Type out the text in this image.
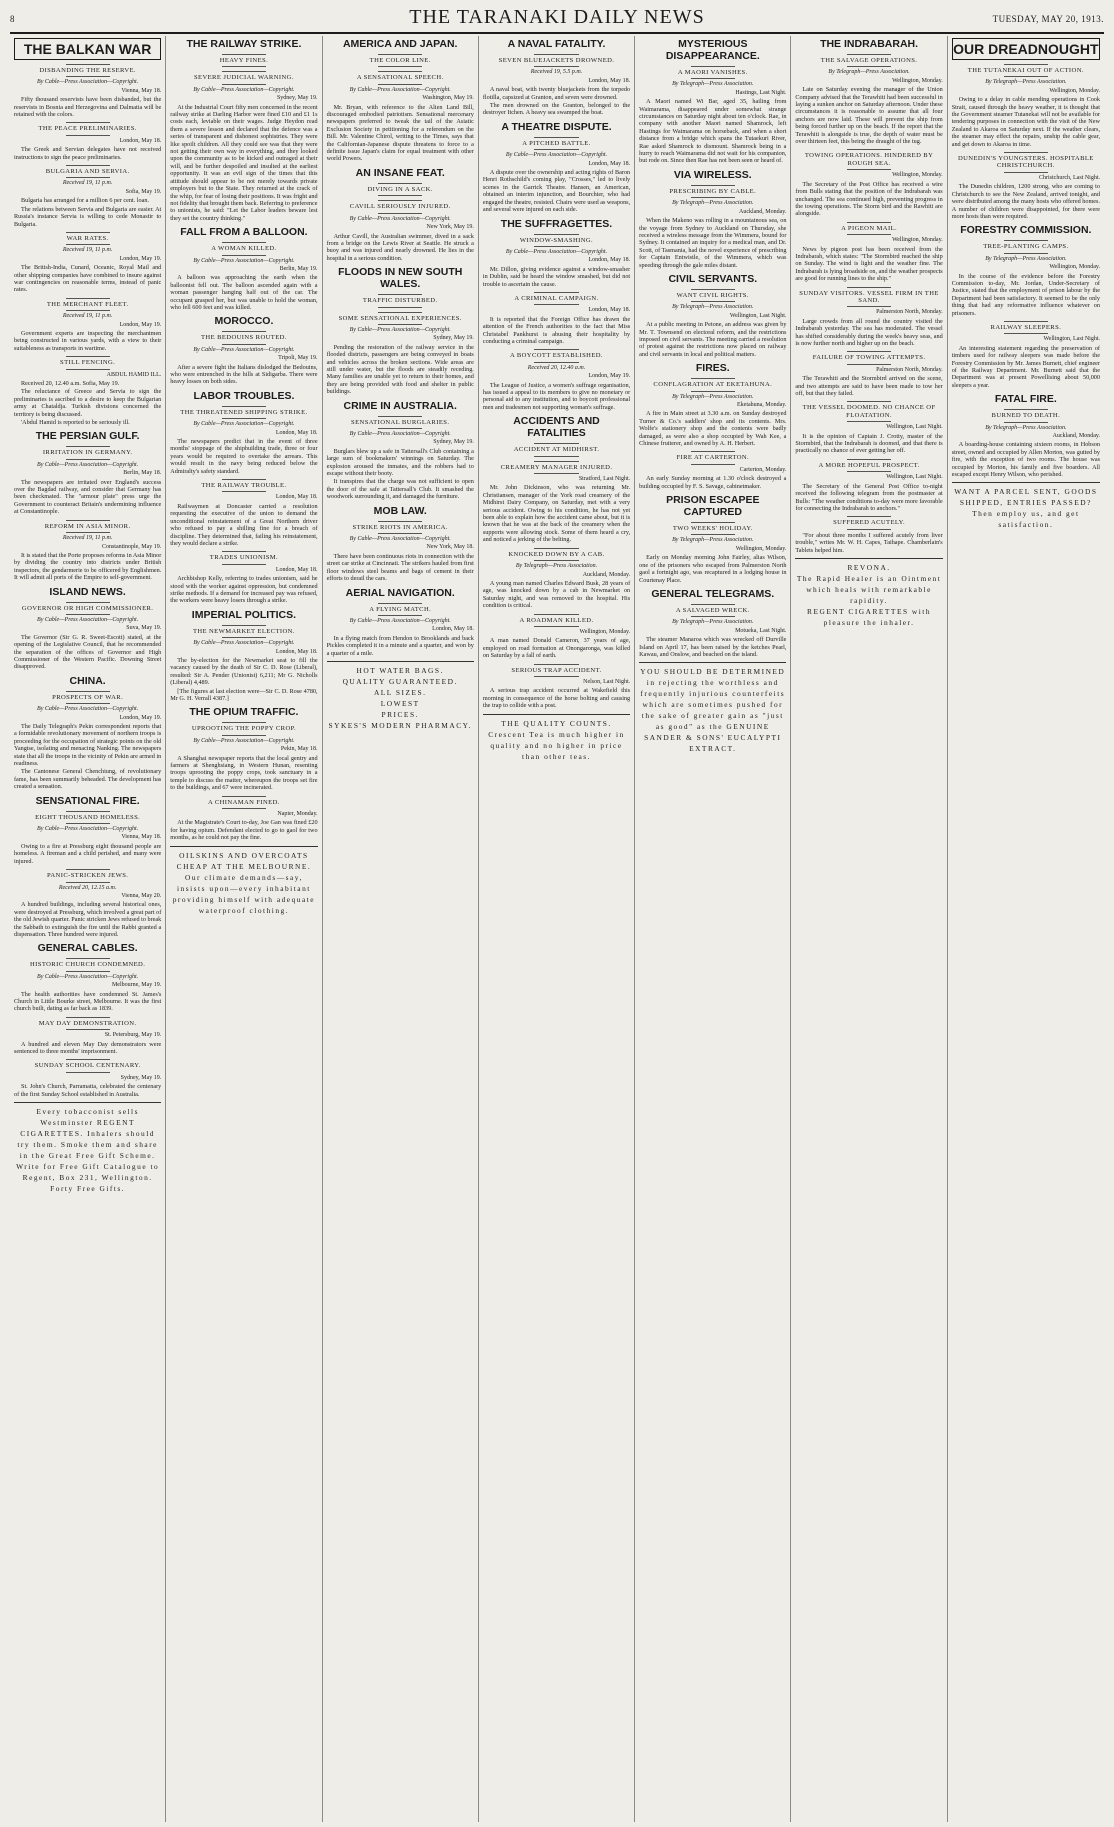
8	THE TARANAKI DAILY NEWS	TUESDAY, MAY 20, 1913.
THE BALKAN WAR
DISBANDING THE RESERVE.
By Cable—Press Association—Copyright.
Vienna, May 18.

Fifty thousand reservists have been disbanded, but the reservists in Bosnia and Herzegovina and Dalmatia will be retained with the colors.

THE PEACE PRELIMINARIES.
London, May 18.

The Greek and Servian delegates have not received instructions to sign the peace preliminaries.

BULGARIA AND SERVIA.
Received 19, 11 p.m.
Sofia, May 19.

Bulgaria has arranged for a million 6 per cent. loan.

The relations between Servia and Bulgaria are easier. At Russia's instance Servia is willing to cede Monastir to Bulgaria.

WAR RATES.
Received 19, 11 p.m.
London, May 19.

The British-India, Cunard, Oceanic, Royal Mail and other shipping companies have combined to insure against war contingencies on reasonable terms, instead of panic rates.

THE MERCHANT FLEET.
Received 19, 11 p.m.
London, May 19.

Government experts are inspecting the merchantmen being constructed in various yards, with a view to their suitableness as transports in wartime.

STILL FENCING.
ABDUL HAMID ILL.

Received 20, 12.40 a.m. Sofia, May 19.

The reluctance of Greece and Servia to sign the preliminaries is ascribed to a desire to keep the Bulgarian army at Chataldja. Turkish divisions concerned the territory is being discussed.

'Abdul Hamid is reported to be seriously ill.

THE PERSIAN GULF.
IRRITATION IN GERMANY.
By Cable—Press Association—Copyright.
Berlin, May 18.

The newspapers are irritated over England's success over the Bagdad railway, and consider that Germany has been checkmated. The "armour plate" press urge the Government to counteract Britain's undermining influence at Constantinople.

REFORM IN ASIA MINOR.
Received 19, 11 p.m.
Constantinople, May 19.

It is stated that the Porte proposes reforms in Asia Minor by dividing the country into districts under British inspectors, the gendarmerie to be officered by Englishmen. It will admit all ports of the Empire to self-government.

ISLAND NEWS.
GOVERNOR OR HIGH COMMISSIONER.
By Cable—Press Association—Copyright.
Suva, May 19.

The Governor (Sir G. R. Sweet-Escott) stated, at the opening of the Legislative Council, that he recommended the separation of the offices of Governor and High Commissioner of the Western Pacific. Downing Street disapproved.

CHINA.
PROSPECTS OF WAR.
By Cable—Press Association—Copyright.
London, May 19.

The Daily Telegraph's Pekin correspondent reports that a formidable revolutionary movement of northern troops is proceeding for the occupation of strategic points on the old Yangtse, isolating and menacing Nanking. The newspapers state that all the troops in the vicinity of Pekin are armed in readiness.

The Cantonese General Chenchiung, of revolutionary fame, has been summarily beheaded. The development has created a sensation.

SENSATIONAL FIRE.
EIGHT THOUSAND HOMELESS.
By Cable—Press Association—Copyright.
Vienna, May 18.

Owing to a fire at Pressburg eight thousand people are homeless. A fireman and a child perished, and many were injured.

PANIC-STRICKEN JEWS.
Received 20, 12.15 a.m.
Vienna, May 20.

A hundred buildings, including several historical ones, were destroyed at Pressburg, which involved a great part of the old Jewish quarter. Panic stricken Jews refused to break the Sabbath to extinguish the fire until the Rabbi granted a dispensation. Three hundred were injured.

GENERAL CABLES.
HISTORIC CHURCH CONDEMNED.
By Cable—Press Association—Copyright.
Melbourne, May 19.

The health authorities have condemned St. James's Church in Little Bourke street, Melbourne. It was the first church built, dating as far back as 1839.

MAY DAY DEMONSTRATION.
St. Petersburg, May 19.

A hundred and eleven May Day demonstrators were sentenced to three months' imprisonment.

SUNDAY SCHOOL CENTENARY.
Sydney, May 19.

St. John's Church, Parramatta, celebrated the centenary of the first Sunday School established in Australia.

Every tobacconist sells Westminster REGENT CIGARETTES. Inhalers should try them. Smoke them and share in the Great Free Gift Scheme. Write for Free Gift Catalogue to Regent, Box 231, Wellington. Forty Free Gifts.

THE RAILWAY STRIKE.
HEAVY FINES.
SEVERE JUDICIAL WARNING.
By Cable—Press Association—Copyright.
Sydney, May 19.

At the Industrial Court fifty men concerned in the recent railway strike at Darling Harbor were fined £10 and £1 1s costs each, leviable on their wages. Judge Heydon read them a severe lesson and declared that the defence was a series of transparent and dishonest sophistries. They were like spoilt children. All they could see was that they were not getting their own way in everything, and they looked upon the community as to be kicked and outraged at their will, and be further despoiled and insulted at the earliest opportunity. It was an evil sign of the times that this attitude should appear to be not merely towards private employers but to the State. They returned at the crack of the whip, for fear of losing their positions. It was fright and not fidelity that brought them back. Referring to preference to unionists, he said: "Let the Labor leaders beware lest they set the country thinking."

FALL FROM A BALLOON.
A WOMAN KILLED.
By Cable—Press Association—Copyright.
Berlin, May 19.

A balloon was approaching the earth when the balloonist fell out. The balloon ascended again with a woman passenger hanging half out of the car. The occupant grasped her, but was unable to hold the woman, who fell 600 feet and was killed.

MOROCCO.
THE BEDOUINS ROUTED.
By Cable—Press Association—Copyright.
Tripoli, May 19.

After a severe fight the Italians dislodged the Bedouins, who were entrenched in the hills at Sidigarba. There were heavy losses on both sides.

LABOR TROUBLES.
THE THREATENED SHIPPING STRIKE.
By Cable—Press Association—Copyright.
London, May 18.

The newspapers predict that in the event of three months' stoppage of the shipbuilding trade, three or four years would be required to overtake the arrears. This would result in the navy being reduced below the Admiralty's safety standard.

THE RAILWAY TROUBLE.
London, May 18.

Railwaymen at Doncaster carried a resolution requesting the executive of the union to demand the unconditional reinstatement of a Great Northern driver who refused to pay a shilling fine for a breach of discipline. They determined that, failing his reinstatement, they would declare a strike.

TRADES UNIONISM.
London, May 18.

Archbishop Kelly, referring to trades unionism, said he stood with the worker against oppression, but condemned strike methods. If a demand for increased pay was refused, the workers were heavy losers through a strike.

IMPERIAL POLITICS.
THE NEWMARKET ELECTION.
By Cable—Press Association—Copyright.
London, May 18.

The by-election for the Newmarket seat to fill the vacancy caused by the death of Sir C. D. Rose (Liberal), resulted: Sir A. Pender (Unionist) 6,211; Mr G. Nicholls (Liberal) 4,489.

[The figures at last election were—Sir C. D. Rose 4780, Mr G. H. Verrall 4387.]

THE OPIUM TRAFFIC.
UPROOTING THE POPPY CROP.
By Cable—Press Association—Copyright.
Pekin, May 18.

A Shanghai newspaper reports that the local gentry and farmers at Shenghsiang, in Western Hunan, resenting troops uprooting the poppy crops, took sanctuary in a temple to discuss the matter, whereupon the troops set fire to the buildings, and 67 were incinerated.

A CHINAMAN FINED.
Napier, Monday.

At the Magistrate's Court to-day, Joe Gan was fined £20 for having opium. Defendant elected to go to gaol for two months, as he could not pay the fine.

OILSKINS AND OVERCOATS CHEAP AT THE MELBOURNE.

Our climate demands—say, insists upon—every inhabitant providing himself with adequate waterproof clothing.

AMERICA AND JAPAN.
THE COLOR LINE.
A SENSATIONAL SPEECH.
By Cable—Press Association—Copyright.
Washington, May 19.

Mr. Bryan, with reference to the Alien Land Bill, discouraged embodied patriotism. Sensational mercenary newspapers preferred to tweak the tail of the Asiatic Exclusion Society in petitioning for a referendum on the Bill. Mr. Valentine Chirol, writing to the Times, says that the Californian-Japanese dispute threatens to force to a definite issue Japan's claim for equal treatment with other world Powers.

AN INSANE FEAT.
DIVING IN A SACK.
CAVILL SERIOUSLY INJURED.
By Cable—Press Association—Copyright.
New York, May 19.

Arthur Cavill, the Australian swimmer, dived in a sack from a bridge on the Lewis River at Seattle. He struck a buoy and was injured and nearly drowned. He lies in the hospital in a serious condition.

FLOODS IN NEW SOUTH WALES.
TRAFFIC DISTURBED.
SOME SENSATIONAL EXPERIENCES.
By Cable—Press Association—Copyright.
Sydney, May 19.

Pending the restoration of the railway service in the flooded districts, passengers are being conveyed in boats and vehicles across the broken sections. Wide areas are still under water, but the floods are steadily receding. Many families are unable yet to return to their homes, and they are being provided with food and shelter in public buildings.

CRIME IN AUSTRALIA.
SENSATIONAL BURGLARIES.
By Cable—Press Association—Copyright.
Sydney, May 19.

Burglars blew up a safe in Tattersall's Club containing a large sum of bookmakers' winnings on Saturday. The explosion aroused the inmates, and the robbers had to escape without their booty.

It transpires that the charge was not sufficient to open the door of the safe at Tattersall's Club. It smashed the woodwork surrounding it, and damaged the furniture.

MOB LAW.
STRIKE RIOTS IN AMERICA.
By Cable—Press Association—Copyright.
New York, May 18.

There have been continuous riots in connection with the street car strike at Cincinnati. The strikers hauled from first floor windows steel beams and bags of cement in their efforts to derail the cars.

AERIAL NAVIGATION.
A FLYING MATCH.
By Cable—Press Association—Copyright.
London, May 18.

In a flying match from Hendon to Brooklands and back Pickles completed it in a minute and a quarter, and won by a quarter of a mile.

HOT WATER BAGS.

QUALITY GUARANTEED.

ALL SIZES.

LOWEST

PRICES.

SYKES'S MODERN PHARMACY.

A NAVAL FATALITY.
SEVEN BLUEJACKETS DROWNED.
Received 19, 5.5 p.m.
London, May 18.

A naval boat, with twenty bluejackets from the torpedo flotilla, capsized at Granton, and seven were drowned.

The men drowned on the Granton, belonged to the destroyer Itchen. A heavy sea swamped the boat.

A THEATRE DISPUTE.
A PITCHED BATTLE.
By Cable—Press Association—Copyright.
London, May 18.

A dispute over the ownership and acting rights of Baron Henri Rothschild's coming play, "Crosses," led to lively scenes in the Garrick Theatre. Hansen, an American, obtained an interim injunction, and Bourchier, who had engaged the theatre, resisted. Chairs were used as weapons, and several were injured on each side.

THE SUFFRAGETTES.
WINDOW-SMASHING.
By Cable—Press Association—Copyright.
London, May 18.

Mr. Dillon, giving evidence against a window-smasher in Dublin, said he heard the window smashed, but did not trouble to ascertain the cause.

A CRIMINAL CAMPAIGN.
London, May 18.

It is reported that the Foreign Office has drawn the attention of the French authorities to the fact that Miss Christabel Pankhurst is abusing their hospitality by conducting a criminal campaign.

A BOYCOTT ESTABLISHED.
Received 20, 12.40 a.m.
London, May 19.

The League of Justice, a women's suffrage organisation, has issued a appeal to its members to give no monetary or personal aid to any institution, and to boycott professional men and tradesmen not supporting woman's suffrage.

ACCIDENTS AND FATALITIES
ACCIDENT AT MIDHIRST.
CREAMERY MANAGER INJURED.
Stratford, Last Night.

Mr. John Dickinson, who was returning Mr. Christiansen, manager of the York road creamery of the Midhirst Dairy Company, on Saturday, met with a very serious accident. Owing to his condition, he has not yet been able to explain how the accident came about, but it is known that he was at the back of the creamery when the supports were allowing stock. Some of them heard a cry, and noticed a jerking of the belting.

KNOCKED DOWN BY A CAB.
By Telegraph—Press Association.
Auckland, Monday.

A young man named Charles Edward Busk, 28 years of age, was knocked down by a cab in Newmarket on Saturday night, and was removed to the hospital. His condition is critical.

A ROADMAN KILLED.
Wellington, Monday.

A man named Donald Cameron, 37 years of age, employed on road formation at Onongaronga, was killed on Saturday by a fall of earth.

SERIOUS TRAP ACCIDENT.
Nelson, Last Night.

A serious trap accident occurred at Wakefield this morning in consequence of the horse bolting and causing the trap to collide with a post.

THE QUALITY COUNTS.

Crescent Tea is much higher in quality and no higher in price than other teas.

MYSTERIOUS DISAPPEARANCE.
A MAORI VANISHES.
By Telegraph—Press Association.
Hastings, Last Night.

A Maori named Wi Bar, aged 35, hailing from Waimarama, disappeared under somewhat strange circumstances on Saturday night about ten o'clock. Rae, in company with another Maori named Shamrock, left Hastings for Waimarama on horseback, and when a short distance from a bridge which spans the Tutaekuri River, Rae asked Shamrock to dismount. Shamrock being in a hurry to reach Waimarama did not wait for his companion, but rode on. Since then Rae has not been seen or heard of.

VIA WIRELESS.
PRESCRIBING BY CABLE.
By Telegraph—Press Association.
Auckland, Monday.

When the Makeno was rolling in a mountainous sea, on the voyage from Sydney to Auckland on Thursday, she received a wireless message from the Wimmera, bound for Sydney. It contained an inquiry for a medical man, and Dr. Scott, of Tasmania, had the novel experience of prescribing for Captain Entwistle, of the Wimmera, which was speeding through the gale miles distant.

CIVIL SERVANTS.
WANT CIVIL RIGHTS.
By Telegraph—Press Association.
Wellington, Last Night.

At a public meeting in Petone, an address was given by Mr. T. Townsend on electoral reform, and the restrictions imposed on civil servants. The meeting carried a resolution of protest against the restrictions now placed on railway and civil servants in local and political matters.

FIRES.
CONFLAGRATION AT EKETAHUNA.
By Telegraph—Press Association.
Eketahuna, Monday.

A fire in Main street at 3.30 a.m. on Sunday destroyed Turner & Co.'s saddlers' shop and its contents. Mrs. Wolfe's stationery shop and the contents were badly damaged, as were also a shop occupied by Wah Kee, a Chinese fruiterer, and owned by A. H. Herbert.

FIRE AT CARTERTON.
Carterton, Monday.

An early Sunday morning at 1.30 o'clock destroyed a building occupied by F. S. Savage, cabinetmaker.

PRISON ESCAPEE CAPTURED
TWO WEEKS' HOLIDAY.
By Telegraph—Press Association.
Wellington, Monday.

Early on Monday morning John Fairley, alias Wilson, one of the prisoners who escaped from Palmerston North gaol a fortnight ago, was recaptured in a lodging house in Courtenay Place.

GENERAL TELEGRAMS.
A SALVAGED WRECK.
By Telegraph—Press Association.
Motueka, Last Night.

The steamer Manaroa which was wrecked off Durville Island on April 17, has been raised by the ketches Pearl, Kawau, and Onslow, and beached on the island.

YOU SHOULD BE DETERMINED

in rejecting the worthless and frequently injurious counterfeits which are sometimes pushed for the sake of greater gain as "just as good" as the GENUINE SANDER & SONS' EUCALYPTI EXTRACT.

THE INDRABARAH.
THE SALVAGE OPERATIONS.
By Telegraph—Press Association.
Wellington, Monday.

Late on Saturday evening the manager of the Union Company advised that the Terawhiti had been successful in laying a sunken anchor on Saturday afternoon. Under these circumstances it is reasonable to assume that all four anchors are now laid. These will prevent the ship from being forced further up on the beach. If the report that the Terawhiti is alongside is true, the depth of water must be over thirteen feet, this being the draught of the tug.

TOWING OPERATIONS. HINDERED BY ROUGH SEA.
Wellington, Monday.

The Secretary of the Post Office has received a wire from Bulls stating that the position of the Indrabarah was unchanged. The sea continued high, preventing progress in the towing operations. The Storm bird and the Rawhiti are alongside.

A PIGEON MAIL.
Wellington, Monday.

News by pigeon post has been received from the Indrabarah, which states: "The Stormbird reached the ship on Sunday. The wind is light and the weather fine. The Indrabarah is lying broadside on, and the weather prospects are good for running lines to the ship."

SUNDAY VISITORS. VESSEL FIRM IN THE SAND.
Palmerston North, Monday.

Large crowds from all round the country visited the Indrabarah yesterday. The sea has moderated. The vessel has shifted considerably during the week's heavy seas, and is now further north and higher up on the beach.

FAILURE OF TOWING ATTEMPTS.
Palmerston North, Monday.

The Terawhiti and the Stormbird arrived on the scene, and two attempts are said to have been made to tow her off, but that they failed.

THE VESSEL DOOMED. NO CHANCE OF FLOATATION.
Wellington, Last Night.

It is the opinion of Captain J. Crotty, master of the Stormbird, that the Indrabarah is doomed, and that there is practically no chance of ever getting her off.

A MORE HOPEFUL PROSPECT.
Wellington, Last Night.

The Secretary of the General Post Office to-night received the following telegram from the postmaster at Bulls: "The weather conditions to-day were more favorable for connecting the Indrabarah to anchors."

SUFFERED ACUTELY.

"For about three months I suffered acutely from liver trouble," writes Mr. W. H. Capes, Taihape. Chamberlain's Tablets helped him.

REVONA.

The Rapid Healer is an Ointment which heals with remarkable rapidity.

REGENT CIGARETTES with pleasure the inhaler.

OUR DREADNOUGHT
THE TUTANEKAI OUT OF ACTION.
By Telegraph—Press Association.
Wellington, Monday.

Owing to a delay in cable mending operations in Cook Strait, caused through the heavy weather, it is thought that the Government steamer Tutanekai will not be available for tendering purposes in connection with the visit of the New Zealand to Akaroa on Saturday next. If the weather clears, the steamer may effect the repairs, unship the cable gear, and get down to Akaroa in time.

DUNEDIN'S YOUNGSTERS. HOSPITABLE CHRISTCHURCH.
Christchurch, Last Night.

The Dunedin children, 1200 strong, who are coming to Christchurch to see the New Zealand, arrived tonight, and were distributed among the many hosts who offered homes. A number of children were disappointed, for there were more hosts than were required.

FORESTRY COMMISSION.
TREE-PLANTING CAMPS.
By Telegraph—Press Association.
Wellington, Monday.

In the course of the evidence before the Forestry Commission to-day, Mr. Jordan, Under-Secretary of Justice, stated that the employment of prison labour by the Department had been satisfactory. It seemed to be the only thing that had any reformative influence whatever on prisoners.

RAILWAY SLEEPERS.
Wellington, Last Night.

An interesting statement regarding the preservation of timbers used for railway sleepers was made before the Forestry Commission by Mr. James Burnett, chief engineer of the Railway Department. Mr. Burnett said that the Department was at present Powellising about 50,000 sleepers a year.

FATAL FIRE.
BURNED TO DEATH.
By Telegraph—Press Association.
Auckland, Monday.

A boarding-house containing sixteen rooms, in Hobson street, owned and occupied by Allen Morton, was gutted by fire, with the exception of two rooms. The house was occupied by Morton, his family and five boarders. All escaped except Henry Wilson, who perished.

WANT A PARCEL SENT, GOODS SHIPPED, ENTRIES PASSED?

Then employ us, and get satisfaction.
